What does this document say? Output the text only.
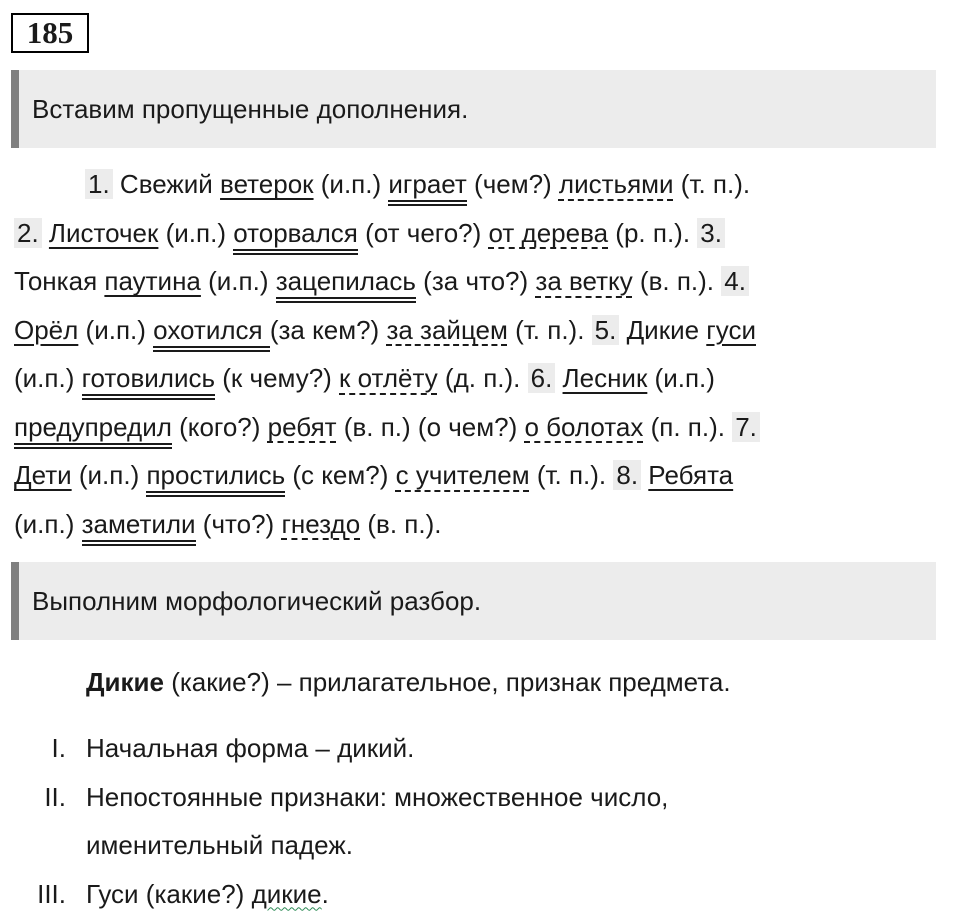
185
Вставим пропущенные дополнения.
1. Свежий ветерок (и.п.) играет (чем?) листьями (т. п.).
2. Листочек (и.п.) оторвался (от чего?) от дерева (р. п.). 3.
Тонкая паутина (и.п.) зацепилась (за что?) за ветку (в. п.). 4.
Орёл (и.п.) охотился (за кем?) за зайцем (т. п.). 5. Дикие гуси
(и.п.) готовились (к чему?) к отлёту (д. п.). 6. Лесник (и.п.)
предупредил (кого?) ребят (в. п.) (о чем?) о болотах (п. п.). 7.
Дети (и.п.) простились (с кем?) с учителем (т. п.). 8. Ребята
(и.п.) заметили (что?) гнездо (в. п.).
Выполним морфологический разбор.
Дикие (какие?) – прилагательное, признак предмета.
I. Начальная форма – дикий.
II. Непостоянные признаки: множественное число,
именительный падеж.
III. Гуси (какие?) дикие.
